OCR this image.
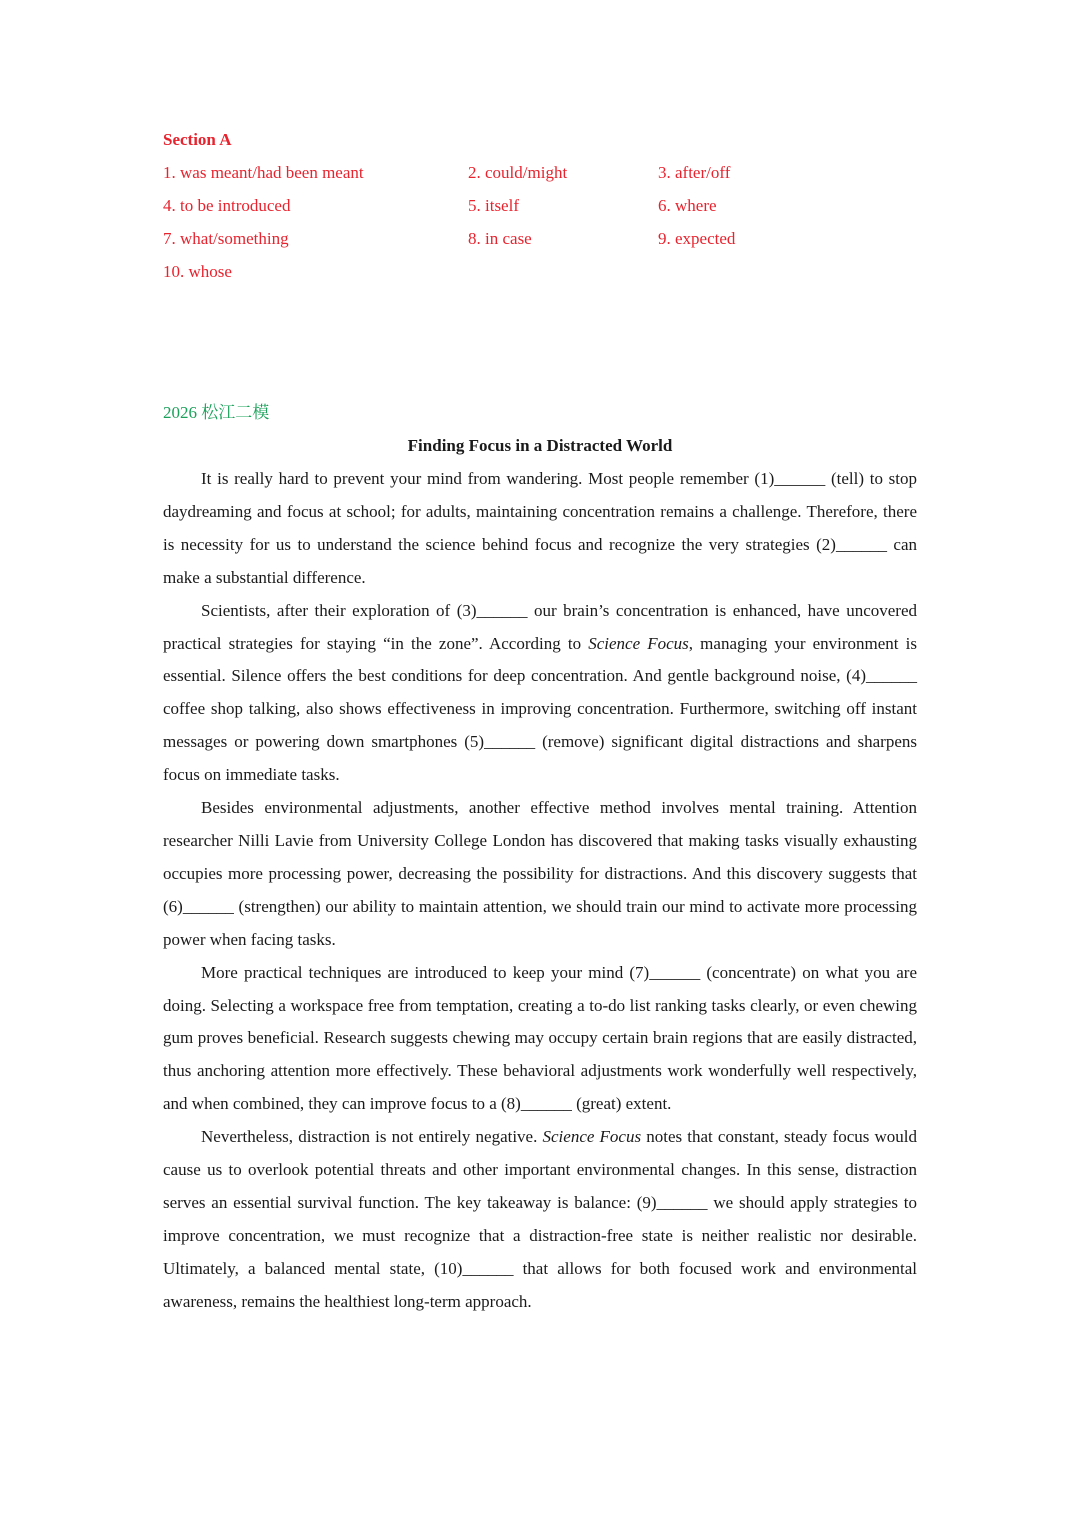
Section A
1. was meant/had been meant	2. could/might	3. after/off
4. to be introduced	5. itself	6. where
7. what/something	8. in case	9. expected
10. whose
2026 松江二模
Finding Focus in a Distracted World

It is really hard to prevent your mind from wandering. Most people remember (1)______ (tell) to stop daydreaming and focus at school; for adults, maintaining concentration remains a challenge. Therefore, there is necessity for us to understand the science behind focus and recognize the very strategies (2)______ can make a substantial difference.

Scientists, after their exploration of (3)______ our brain’s concentration is enhanced, have uncovered practical strategies for staying “in the zone”. According to Science Focus, managing your environment is essential. Silence offers the best conditions for deep concentration. And gentle background noise, (4)______ coffee shop talking, also shows effectiveness in improving concentration. Furthermore, switching off instant messages or powering down smartphones (5)______ (remove) significant digital distractions and sharpens focus on immediate tasks.

Besides environmental adjustments, another effective method involves mental training. Attention researcher Nilli Lavie from University College London has discovered that making tasks visually exhausting occupies more processing power, decreasing the possibility for distractions. And this discovery suggests that (6)______ (strengthen) our ability to maintain attention, we should train our mind to activate more processing power when facing tasks.

More practical techniques are introduced to keep your mind (7)______ (concentrate) on what you are doing. Selecting a workspace free from temptation, creating a to-do list ranking tasks clearly, or even chewing gum proves beneficial. Research suggests chewing may occupy certain brain regions that are easily distracted, thus anchoring attention more effectively. These behavioral adjustments work wonderfully well respectively, and when combined, they can improve focus to a (8)______ (great) extent.

Nevertheless, distraction is not entirely negative. Science Focus notes that constant, steady focus would cause us to overlook potential threats and other important environmental changes. In this sense, distraction serves an essential survival function. The key takeaway is balance: (9)______ we should apply strategies to improve concentration, we must recognize that a distraction-free state is neither realistic nor desirable. Ultimately, a balanced mental state, (10)______ that allows for both focused work and environmental awareness, remains the healthiest long-term approach.
